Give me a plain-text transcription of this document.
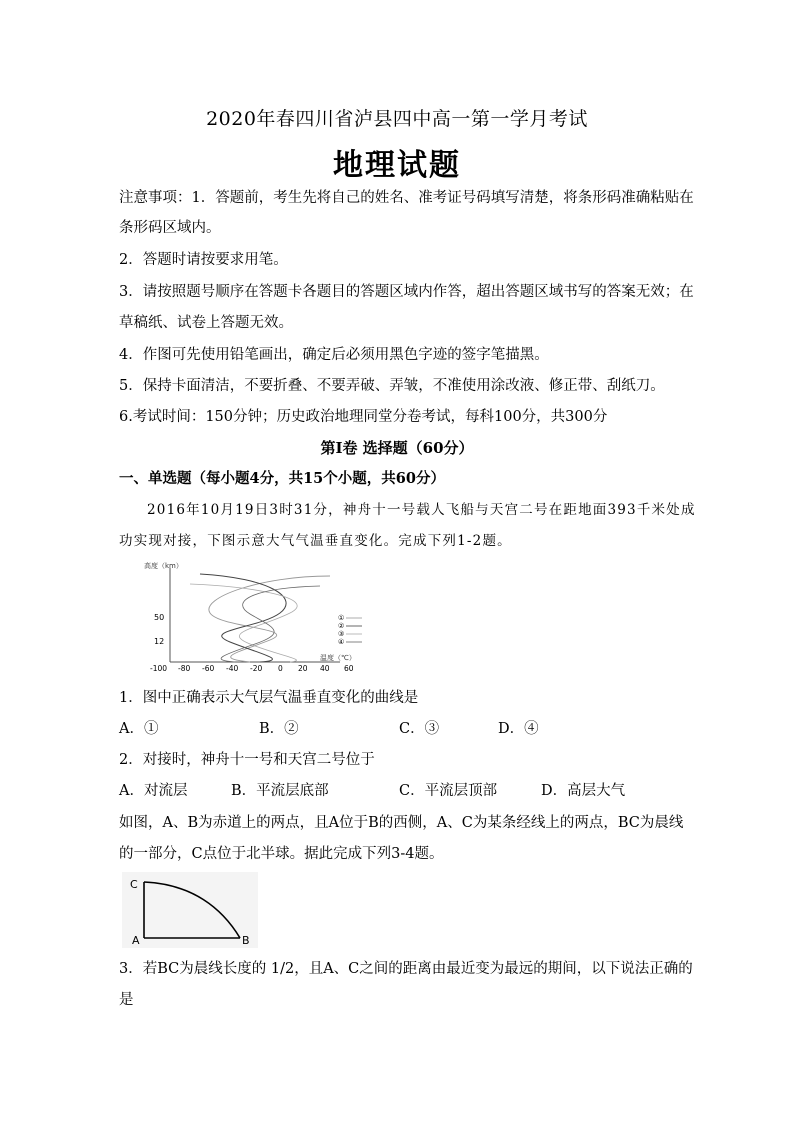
2020年春四川省泸县四中高一第一学月考试
地理试题
注意事项：1．答题前，考生先将自己的姓名、准考证号码填写清楚，将条形码准确粘贴在
条形码区域内。
2．答题时请按要求用笔。
3．请按照题号顺序在答题卡各题目的答题区域内作答，超出答题区域书写的答案无效；在
草稿纸、试卷上答题无效。
4．作图可先使用铅笔画出，确定后必须用黑色字迹的签字笔描黑。
5．保持卡面清洁，不要折叠、不要弄破、弄皱，不准使用涂改液、修正带、刮纸刀。
6.考试时间：150分钟；历史政治地理同堂分卷考试，每科100分，共300分
第Ⅰ卷 选择题（60分）
一、单选题（每小题4分，共15个小题，共60分）
2016年10月19日3时31分，神舟十一号载人飞船与天宫二号在距地面393千米处成
功实现对接，下图示意大气气温垂直变化。完成下列1-2题。
高度（km）
50
12
-100 -80 -60 -40 -20 0 20 40 60
温度（℃）
①
②
③
④
1．图中正确表示大气层气温垂直变化的曲线是
A．①	B．②	C．③	D．④
2．对接时，神舟十一号和天宫二号位于
A．对流层	B．平流层底部	C．平流层顶部	D．高层大气
如图，A、B为赤道上的两点，且A位于B的西侧，A、C为某条经线上的两点，BC为晨线
的一部分，C点位于北半球。据此完成下列3-4题。
C
A	B
3．若BC为晨线长度的 1/2，且A、C之间的距离由最近变为最远的期间，以下说法正确的
是
